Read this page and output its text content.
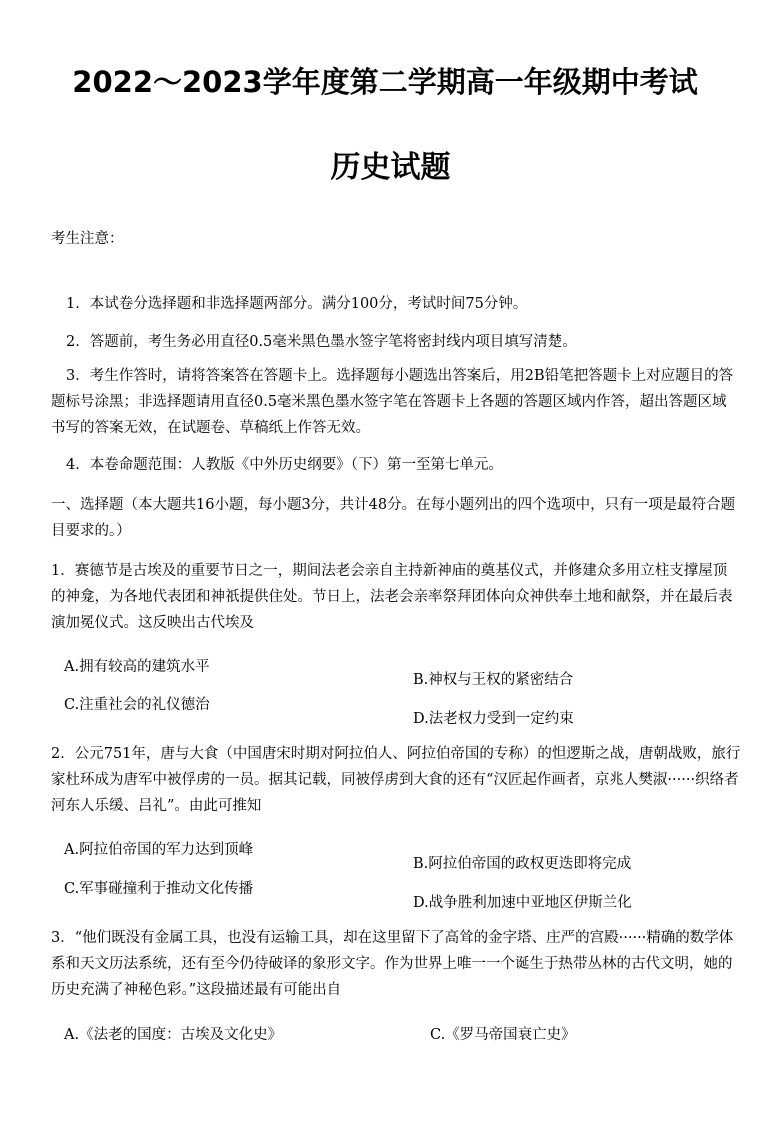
2022～2023学年度第二学期高一年级期中考试
历史试题
考生注意：
1．本试卷分选择题和非选择题两部分。满分100分，考试时间75分钟。
2．答题前，考生务必用直径0.5毫米黑色墨水签字笔将密封线内项目填写清楚。
3．考生作答时，请将答案答在答题卡上。选择题每小题选出答案后，用2B铅笔把答题卡上对应题目的答题标号涂黑；非选择题请用直径0.5毫米黑色墨水签字笔在答题卡上各题的答题区域内作答，超出答题区域书写的答案无效，在试题卷、草稿纸上作答无效。
4．本卷命题范围：人教版《中外历史纲要》（下）第一至第七单元。
一、选择题（本大题共16小题，每小题3分，共计48分。在每小题列出的四个选项中，只有一项是最符合题目要求的。）
1．赛德节是古埃及的重要节日之一，期间法老会亲自主持新神庙的奠基仪式，并修建众多用立柱支撑屋顶的神龛，为各地代表团和神祇提供住处。节日上，法老会亲率祭拜团体向众神供奉土地和献祭，并在最后表演加冕仪式。这反映出古代埃及
A.拥有较高的建筑水平
B.神权与王权的紧密结合
C.注重社会的礼仪德治
D.法老权力受到一定约束
2．公元751年，唐与大食（中国唐宋时期对阿拉伯人、阿拉伯帝国的专称）的怛逻斯之战，唐朝战败，旅行家杜环成为唐军中被俘虏的一员。据其记载，同被俘虏到大食的还有“汉匠起作画者，京兆人樊淑······织络者河东人乐缓、吕礼”。由此可推知
A.阿拉伯帝国的军力达到顶峰
B.阿拉伯帝国的政权更迭即将完成
C.军事碰撞利于推动文化传播
D.战争胜利加速中亚地区伊斯兰化
3．“他们既没有金属工具，也没有运输工具，却在这里留下了高耸的金字塔、庄严的宫殿······精确的数学体系和天文历法系统，还有至今仍待破译的象形文字。作为世界上唯一一个诞生于热带丛林的古代文明，她的历史充满了神秘色彩。”这段描述最有可能出自
A.《法老的国度：古埃及文化史》	C.《罗马帝国衰亡史》
